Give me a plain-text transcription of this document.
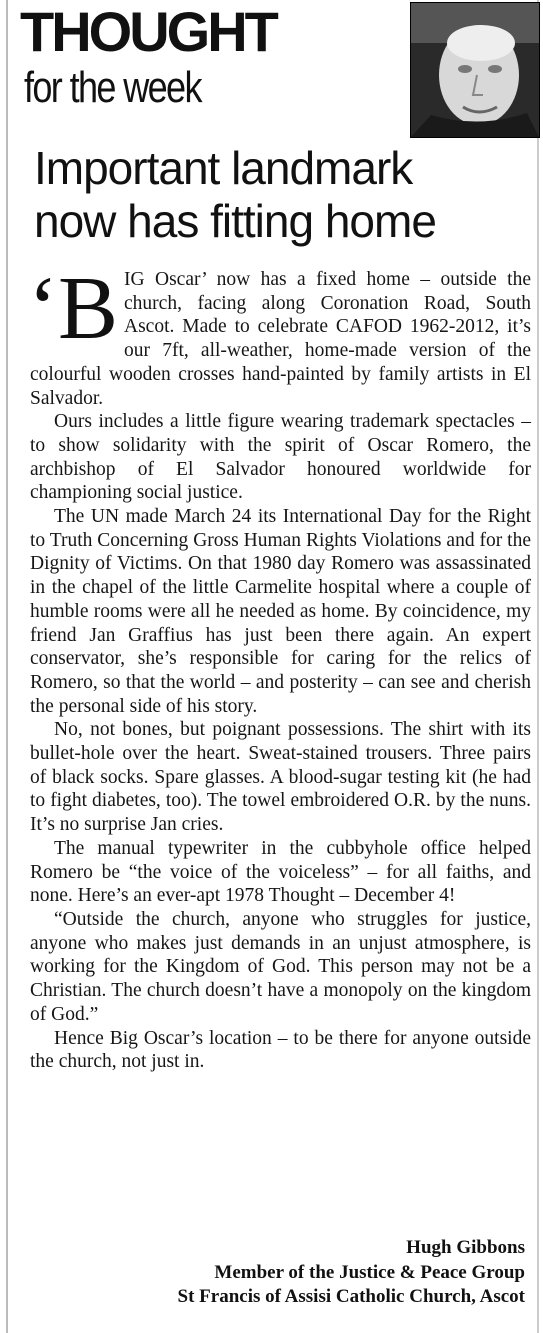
THOUGHT
for the week
Important landmark
now has fitting home

‘B IG Oscar’ now has a fixed home – outside the church, facing along Coronation Road, South Ascot. Made to celebrate CAFOD 1962-2012, it’s our 7ft, all-weather, home-made version of the colourful wooden crosses hand-painted by family artists in El Salvador.

Ours includes a little figure wearing trademark spectacles – to show solidarity with the spirit of Oscar Romero, the archbishop of El Salvador honoured worldwide for championing social justice.

The UN made March 24 its International Day for the Right to Truth Concerning Gross Human Rights Violations and for the Dignity of Victims. On that 1980 day Romero was assassinated in the chapel of the little Carmelite hospital where a couple of humble rooms were all he needed as home. By coincidence, my friend Jan Graffius has just been there again. An expert conservator, she’s responsible for caring for the relics of Romero, so that the world – and posterity – can see and cherish the personal side of his story.

No, not bones, but poignant possessions. The shirt with its bullet-hole over the heart. Sweat-stained trousers. Three pairs of black socks. Spare glasses. A blood-sugar testing kit (he had to fight diabetes, too). The towel embroidered O.R. by the nuns. It’s no surprise Jan cries.

The manual typewriter in the cubbyhole office helped Romero be “the voice of the voiceless” – for all faiths, and none. Here’s an ever-apt 1978 Thought – December 4!

“Outside the church, anyone who struggles for justice, anyone who makes just demands in an unjust atmosphere, is working for the Kingdom of God. This person may not be a Christian. The church doesn’t have a monopoly on the kingdom of God.”

Hence Big Oscar’s location – to be there for anyone outside the church, not just in.

Hugh Gibbons
Member of the Justice & Peace Group
St Francis of Assisi Catholic Church, Ascot
